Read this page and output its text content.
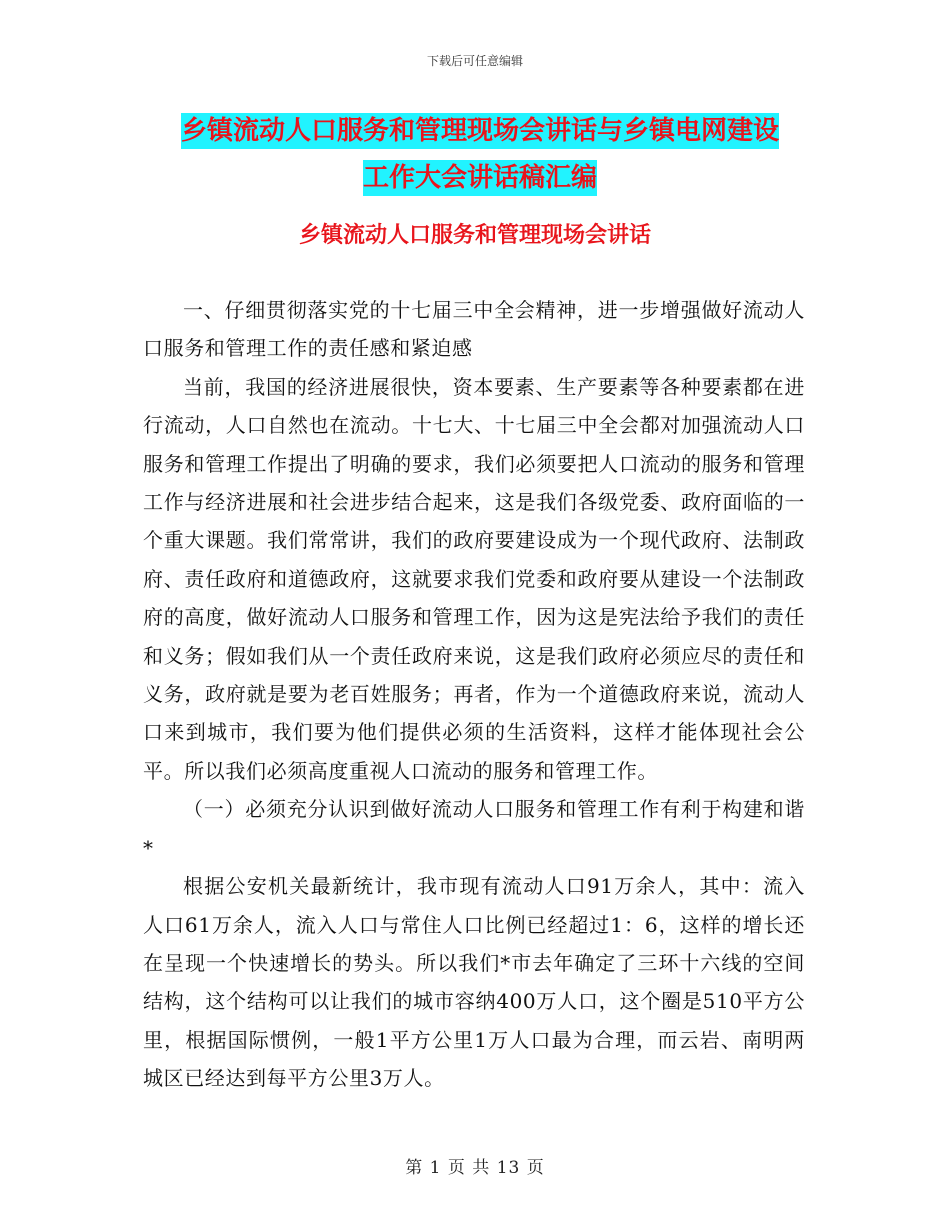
下载后可任意编辑
乡镇流动人口服务和管理现场会讲话与乡镇电网建设
工作大会讲话稿汇编
乡镇流动人口服务和管理现场会讲话

一、仔细贯彻落实党的十七届三中全会精神，进一步增强做好流动人口服务和管理工作的责任感和紧迫感

当前，我国的经济进展很快，资本要素、生产要素等各种要素都在进行流动，人口自然也在流动。十七大、十七届三中全会都对加强流动人口服务和管理工作提出了明确的要求，我们必须要把人口流动的服务和管理工作与经济进展和社会进步结合起来，这是我们各级党委、政府面临的一个重大课题。我们常常讲，我们的政府要建设成为一个现代政府、法制政府、责任政府和道德政府，这就要求我们党委和政府要从建设一个法制政府的高度，做好流动人口服务和管理工作，因为这是宪法给予我们的责任和义务；假如我们从一个责任政府来说，这是我们政府必须应尽的责任和义务，政府就是要为老百姓服务；再者，作为一个道德政府来说，流动人口来到城市，我们要为他们提供必须的生活资料，这样才能体现社会公平。所以我们必须高度重视人口流动的服务和管理工作。

（一）必须充分认识到做好流动人口服务和管理工作有利于构建和谐*

根据公安机关最新统计，我市现有流动人口91万余人，其中：流入人口61万余人，流入人口与常住人口比例已经超过1：6，这样的增长还在呈现一个快速增长的势头。所以我们*市去年确定了三环十六线的空间结构，这个结构可以让我们的城市容纳400万人口，这个圈是510平方公里，根据国际惯例，一般1平方公里1万人口最为合理，而云岩、南明两城区已经达到每平方公里3万人。

第 1 页 共 13 页
